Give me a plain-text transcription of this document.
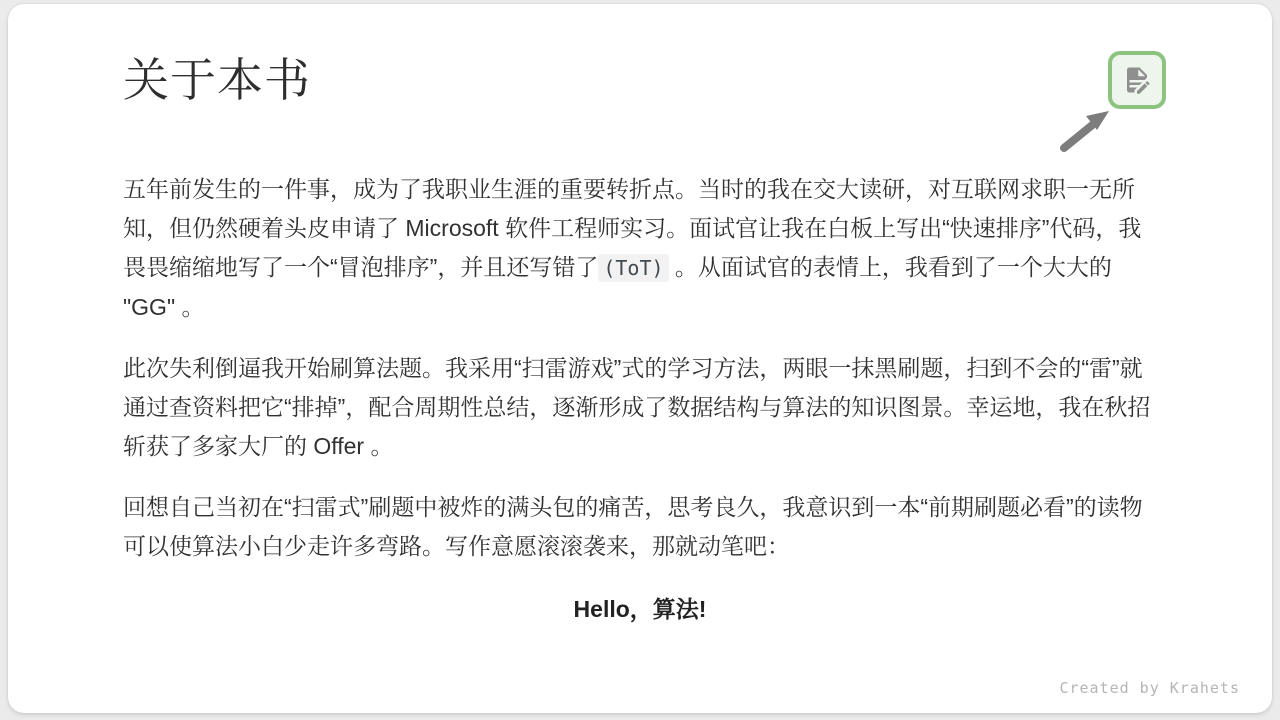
关于本书

五年前发生的一件事，成为了我职业生涯的重要转折点。当时的我在交大读研，对互联网求职一无所知，但仍然硬着头皮申请了 Microsoft 软件工程师实习。面试官让我在白板上写出“快速排序”代码，我畏畏缩缩地写了一个“冒泡排序”，并且还写错了 (ToT) 。从面试官的表情上，我看到了一个大大的 "GG" 。

此次失利倒逼我开始刷算法题。我采用“扫雷游戏”式的学习方法，两眼一抹黑刷题，扫到不会的“雷”就通过查资料把它“排掉”，配合周期性总结，逐渐形成了数据结构与算法的知识图景。幸运地，我在秋招斩获了多家大厂的 Offer 。

回想自己当初在“扫雷式”刷题中被炸的满头包的痛苦，思考良久，我意识到一本“前期刷题必看”的读物可以使算法小白少走许多弯路。写作意愿滚滚袭来，那就动笔吧：

Hello，算法!

Created by Krahets
